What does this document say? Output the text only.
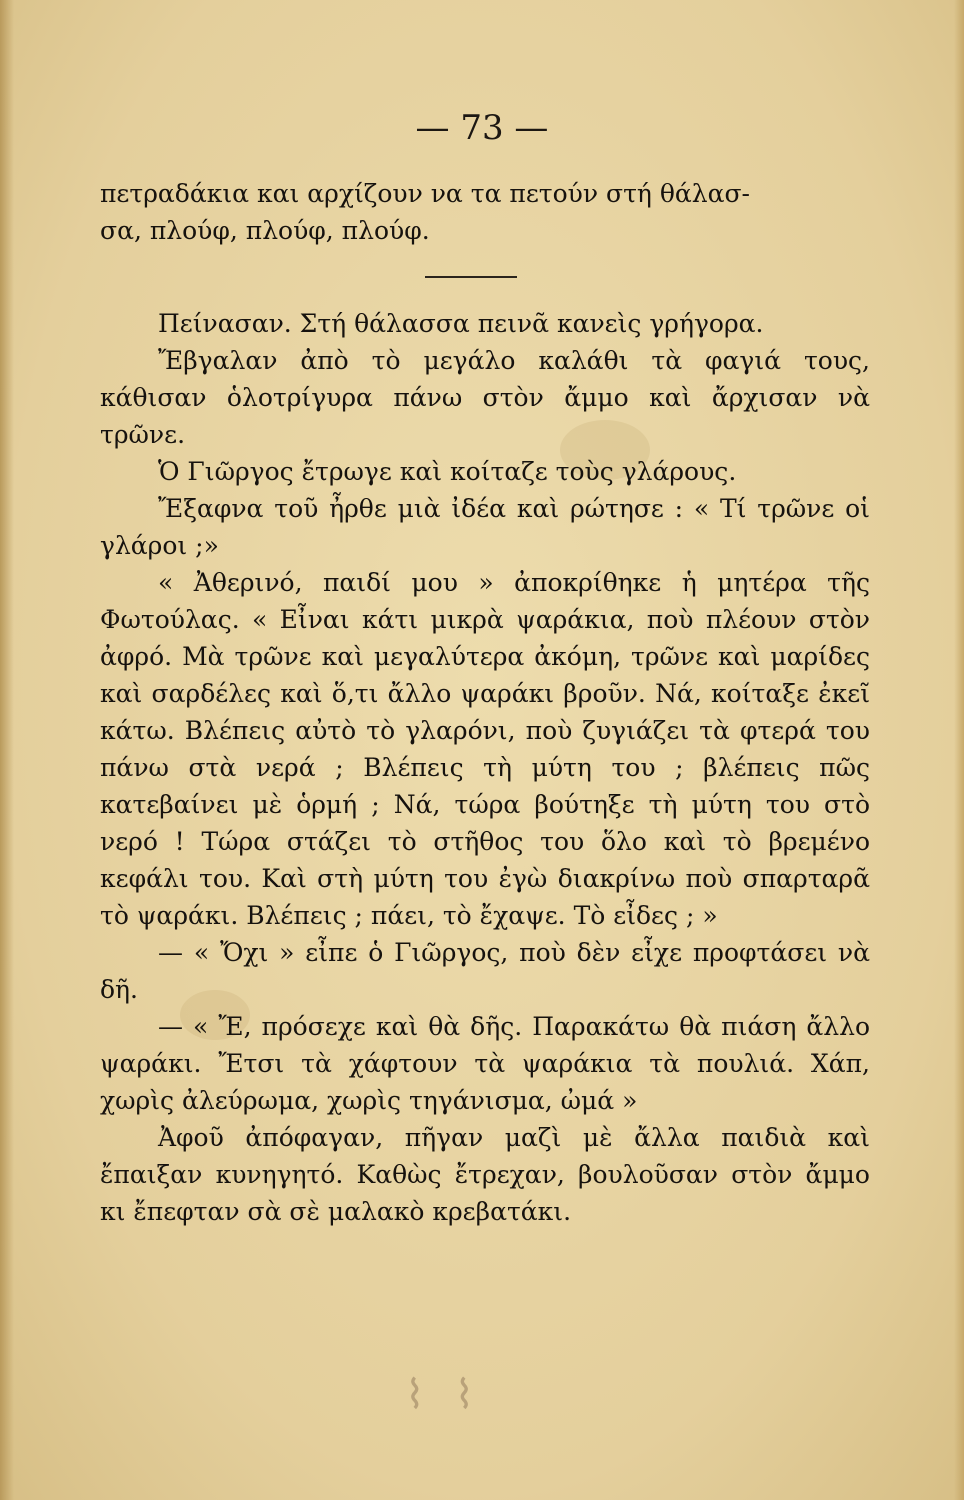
— 73 —

πετραδάκια και αρχίζουν να τα πετούν στή θάλασ-

σα, πλούφ, πλούφ, πλούφ.

Πείνασαν. Στή θάλασσα πεινᾶ κανεὶς γρήγορα.

Ἔβγαλαν ἀπὸ τὸ μεγάλο καλάθι τὰ φαγιά τους, κάθισαν ὁλοτρίγυρα πάνω στὸν ἄμμο καὶ ἄρχισαν νὰ τρῶνε.

Ὁ Γιῶργος ἔτρωγε καὶ κοίταζε τοὺς γλάρους.

Ἔξαφνα τοῦ ἦρθε μιὰ ἰδέα καὶ ρώτησε : « Τί τρῶνε οἱ γλάροι ;»

« Ἀθερινό, παιδί μου » ἀποκρίθηκε ἡ μητέρα τῆς Φωτούλας. « Εἶναι κάτι μικρὰ ψαράκια, ποὺ πλέουν στὸν ἀφρό. Μὰ τρῶνε καὶ μεγαλύτερα ἀκόμη, τρῶνε καὶ μαρίδες καὶ σαρδέλες καὶ ὅ,τι ἄλλο ψαράκι βροῦν. Νά, κοίταξε ἐκεῖ κάτω. Βλέπεις αὐτὸ τὸ γλαρόνι, ποὺ ζυγιάζει τὰ φτερά του πάνω στὰ νερά ; Βλέπεις τὴ μύτη του ; βλέπεις πῶς κατεβαίνει μὲ ὁρμή ; Νά, τώρα βούτηξε τὴ μύτη του στὸ νερό ! Τώρα στάζει τὸ στῆθος του ὅλο καὶ τὸ βρεμένο κεφάλι του. Καὶ στὴ μύτη του ἐγὼ διακρίνω ποὺ σπαρταρᾶ τὸ ψαράκι. Βλέπεις ; πάει, τὸ ἔχαψε. Τὸ εἶδες ; »

— « Ὄχι » εἶπε ὁ Γιῶργος, ποὺ δὲν εἶχε προφτάσει νὰ δῆ.

— « Ἔ, πρόσεχε καὶ θὰ δῆς. Παρακάτω θὰ πιάση ἄλλο ψαράκι. Ἔτσι τὰ χάφτουν τὰ ψαράκια τὰ πουλιά. Χάπ, χωρὶς ἀλεύρωμα, χωρὶς τηγάνισμα, ὠμά »

Ἀφοῦ ἀπόφαγαν, πῆγαν μαζὶ μὲ ἄλλα παιδιὰ καὶ ἔπαιξαν κυνηγητό. Καθὼς ἔτρεχαν, βουλοῦσαν στὸν ἄμμο κι ἔπεφταν σὰ σὲ μαλακὸ κρεβατάκι.

⌇⌇
